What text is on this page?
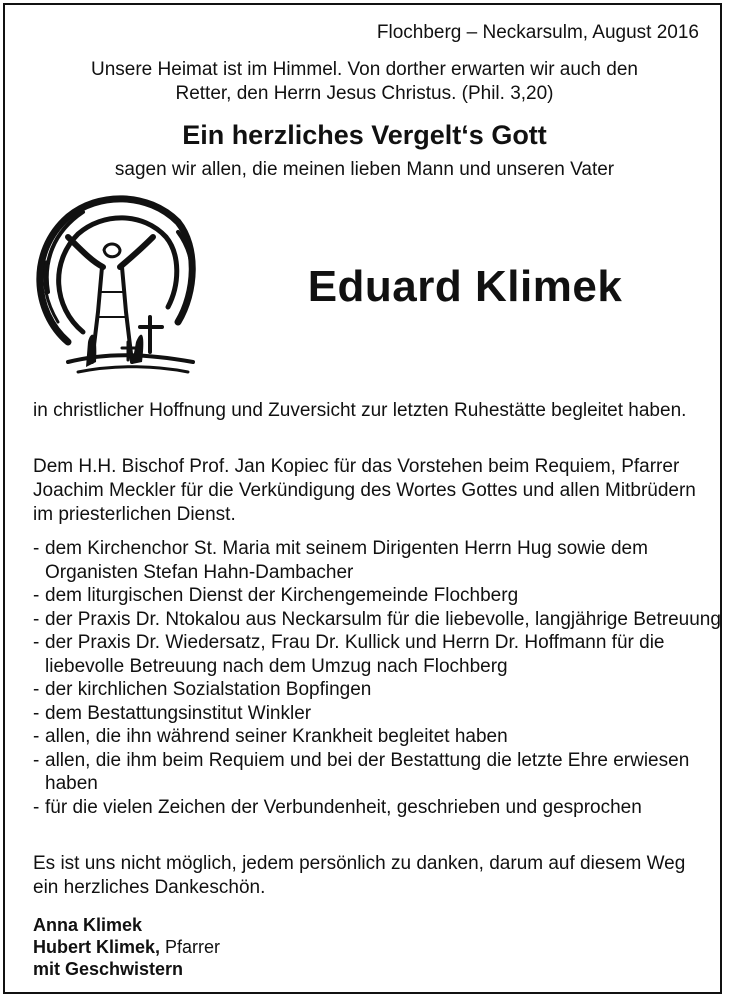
Flochberg – Neckarsulm, August 2016
Unsere Heimat ist im Himmel. Von dorther erwarten wir auch den
Retter, den Herrn Jesus Christus. (Phil. 3,20)
Ein herzliches Vergelt‘s Gott
sagen wir allen, die meinen lieben Mann und unseren Vater
Eduard Klimek

in christlicher Hoffnung und Zuversicht zur letzten Ruhestätte begleitet haben.

Dem H.H. Bischof Prof. Jan Kopiec für das Vorstehen beim Requiem, Pfarrer Joachim Meckler für die Verkündigung des Wortes Gottes und allen Mitbrüdern im priesterlichen Dienst.

- dem Kirchenchor St. Maria mit seinem Dirigenten Herrn Hug sowie dem Organisten Stefan Hahn-Dambacher
- dem liturgischen Dienst der Kirchengemeinde Flochberg
- der Praxis Dr. Ntokalou aus Neckarsulm für die liebevolle, langjährige Betreuung
- der Praxis Dr. Wiedersatz, Frau Dr. Kullick und Herrn Dr. Hoffmann für die liebevolle Betreuung nach dem Umzug nach Flochberg
- der kirchlichen Sozialstation Bopfingen
- dem Bestattungsinstitut Winkler
- allen, die ihn während seiner Krankheit begleitet haben
- allen, die ihm beim Requiem und bei der Bestattung die letzte Ehre erwiesen haben
- für die vielen Zeichen der Verbundenheit, geschrieben und gesprochen

Es ist uns nicht möglich, jedem persönlich zu danken, darum auf diesem Weg ein herzliches Dankeschön.

Anna Klimek
Hubert Klimek, Pfarrer
mit Geschwistern
